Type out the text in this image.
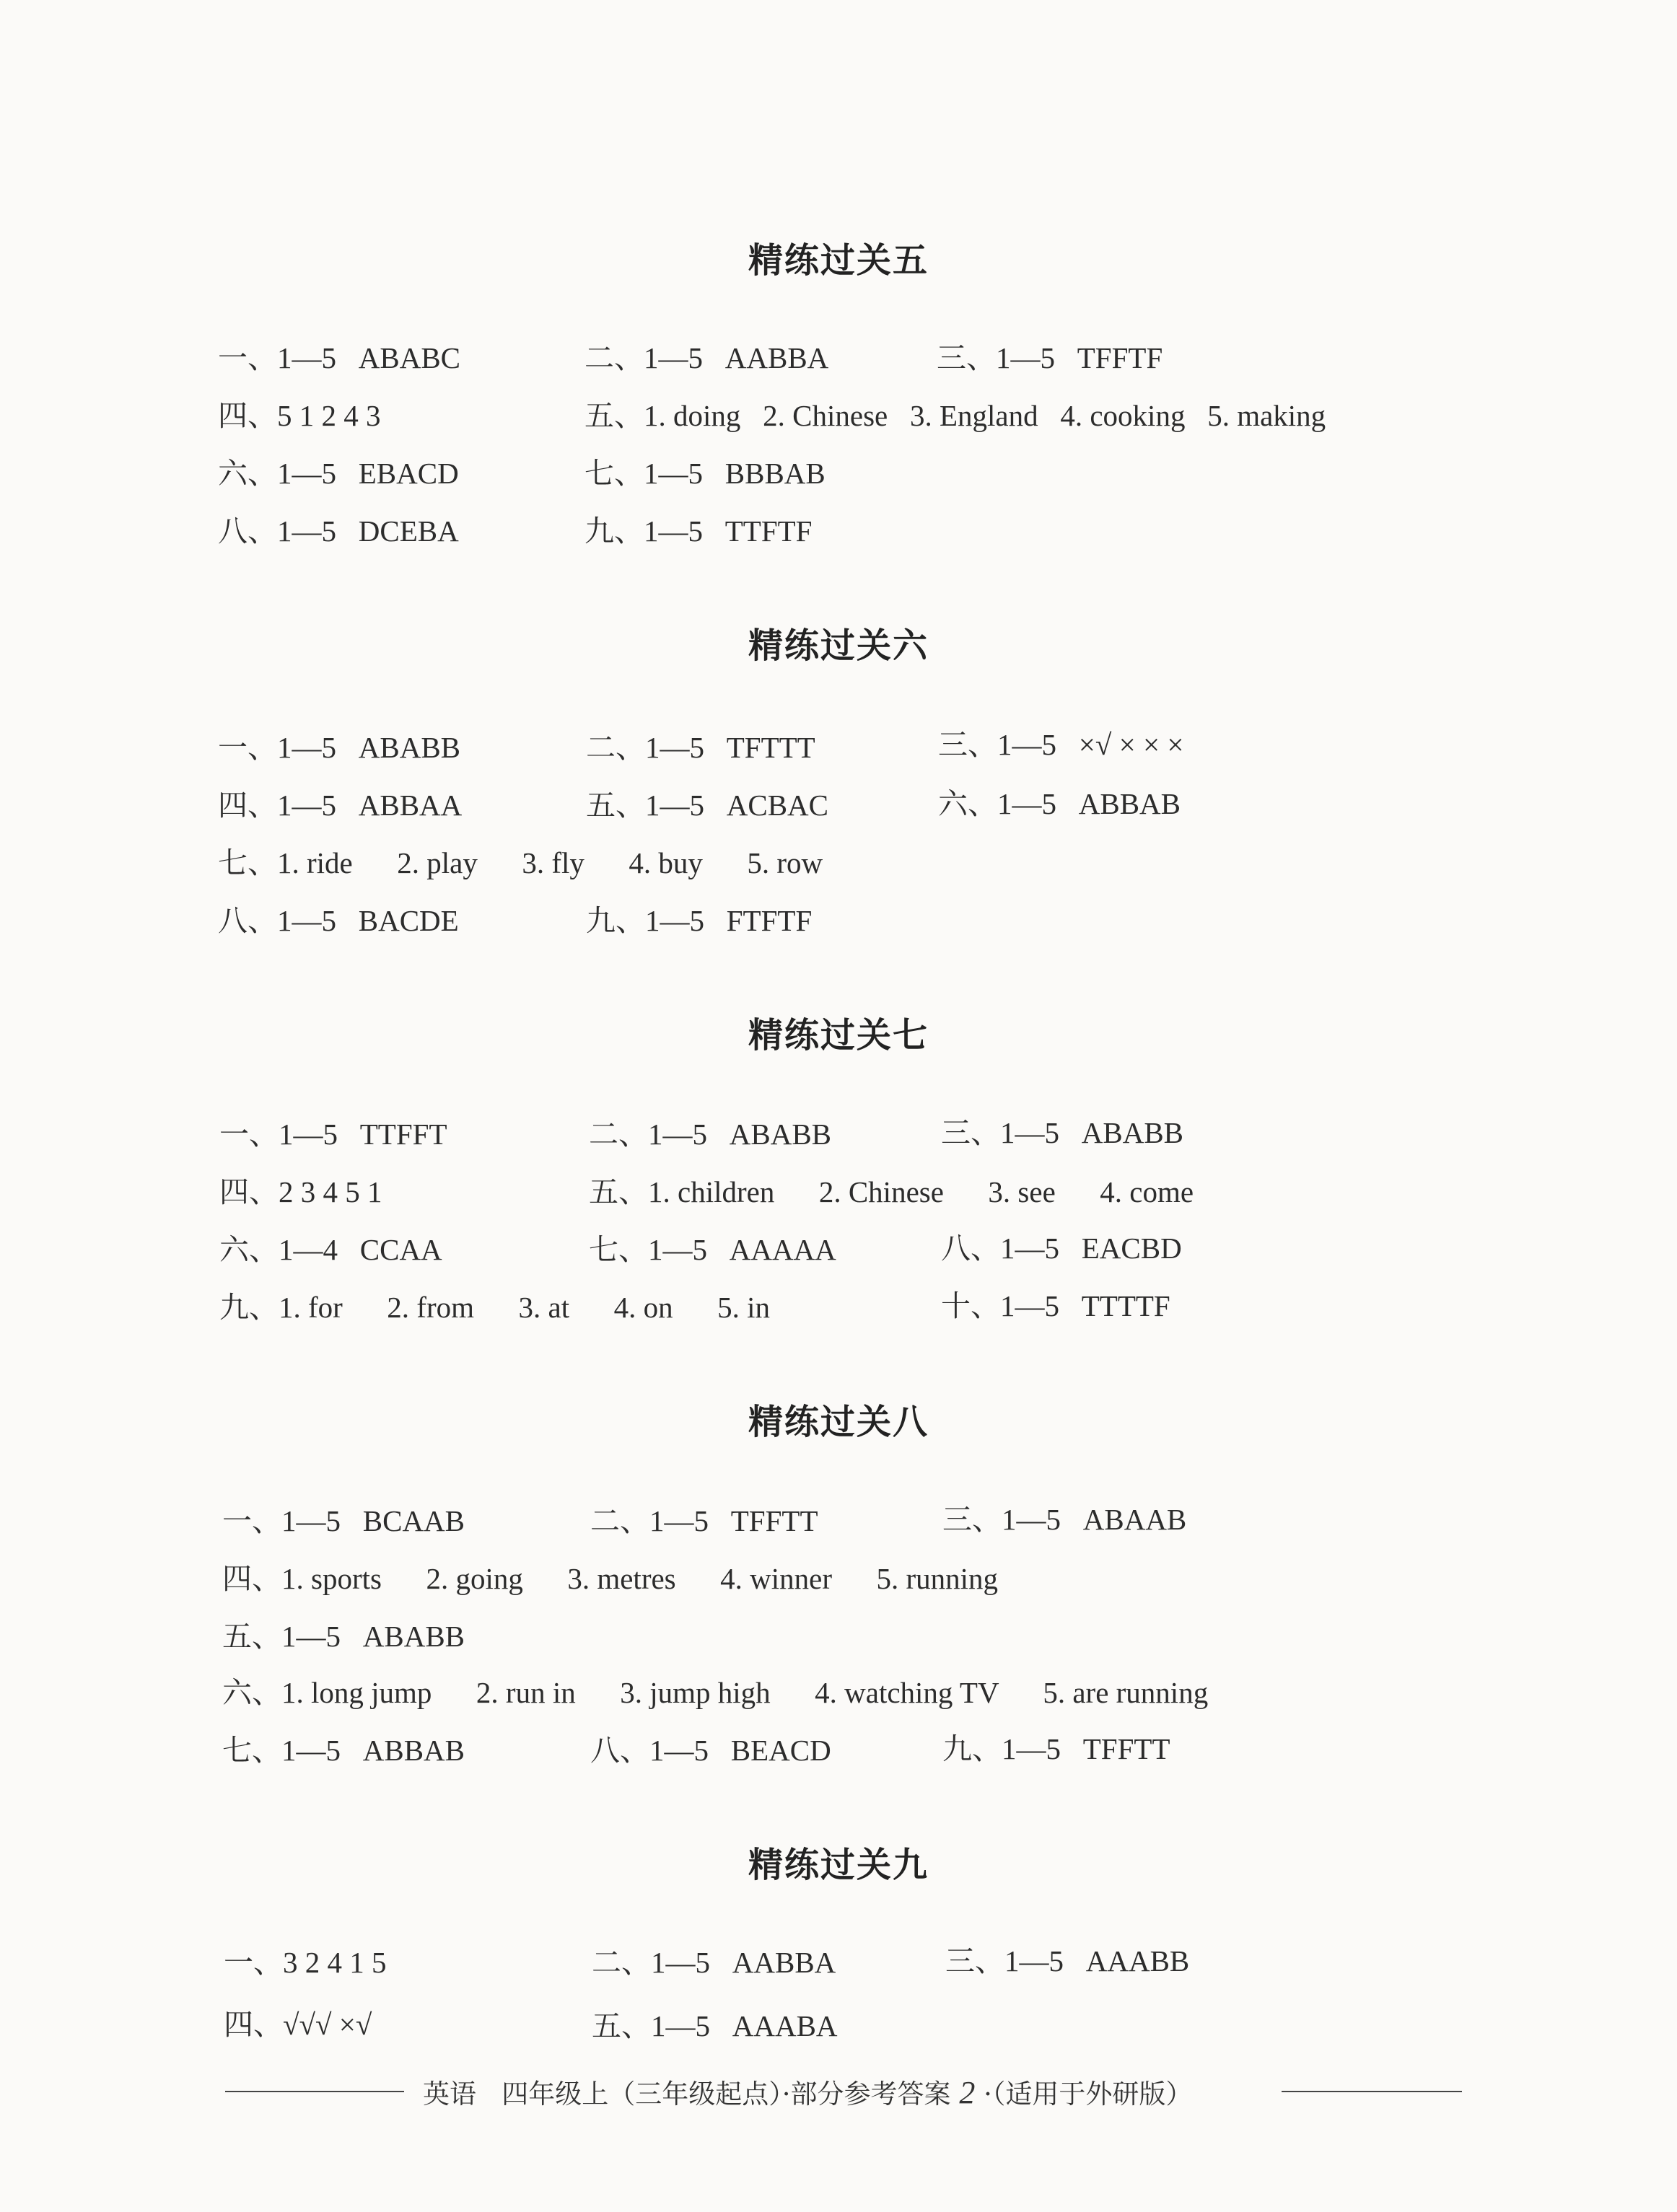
精练过关五
一、1—5   ABABC	二、1—5   AABBA	三、1—5   TFFTF
四、5 1 2 4 3	五、1. doing   2. Chinese   3. England   4. cooking   5. making
六、1—5   EBACD	七、1—5   BBBAB
八、1—5   DCEBA	九、1—5   TTFTF
精练过关六
一、1—5   ABABB	二、1—5   TFTTT	三、1—5   ×√ × × ×
四、1—5   ABBAA	五、1—5   ACBAC	六、1—5   ABBAB
七、1. ride      2. play      3. fly      4. buy      5. row
八、1—5   BACDE	九、1—5   FTFTF
精练过关七
一、1—5   TTFFT	二、1—5   ABABB	三、1—5   ABABB
四、2 3 4 5 1	五、1. children      2. Chinese      3. see      4. come
六、1—4   CCAA	七、1—5   AAAAA	八、1—5   EACBD
九、1. for      2. from      3. at      4. on      5. in	十、1—5   TTTTF
精练过关八
一、1—5   BCAAB	二、1—5   TFFTT	三、1—5   ABAAB
四、1. sports      2. going      3. metres      4. winner      5. running
五、1—5   ABABB
六、1. long jump      2. run in      3. jump high      4. watching TV      5. are running
七、1—5   ABBAB	八、1—5   BEACD	九、1—5   TFFTT
精练过关九
一、3 2 4 1 5	二、1—5   AABBA	三、1—5   AAABB
四、√√√ ×√	五、1—5   AAABA
英语   四年级上（三年级起点）·部分参考答案 2 ·（适用于外研版）
